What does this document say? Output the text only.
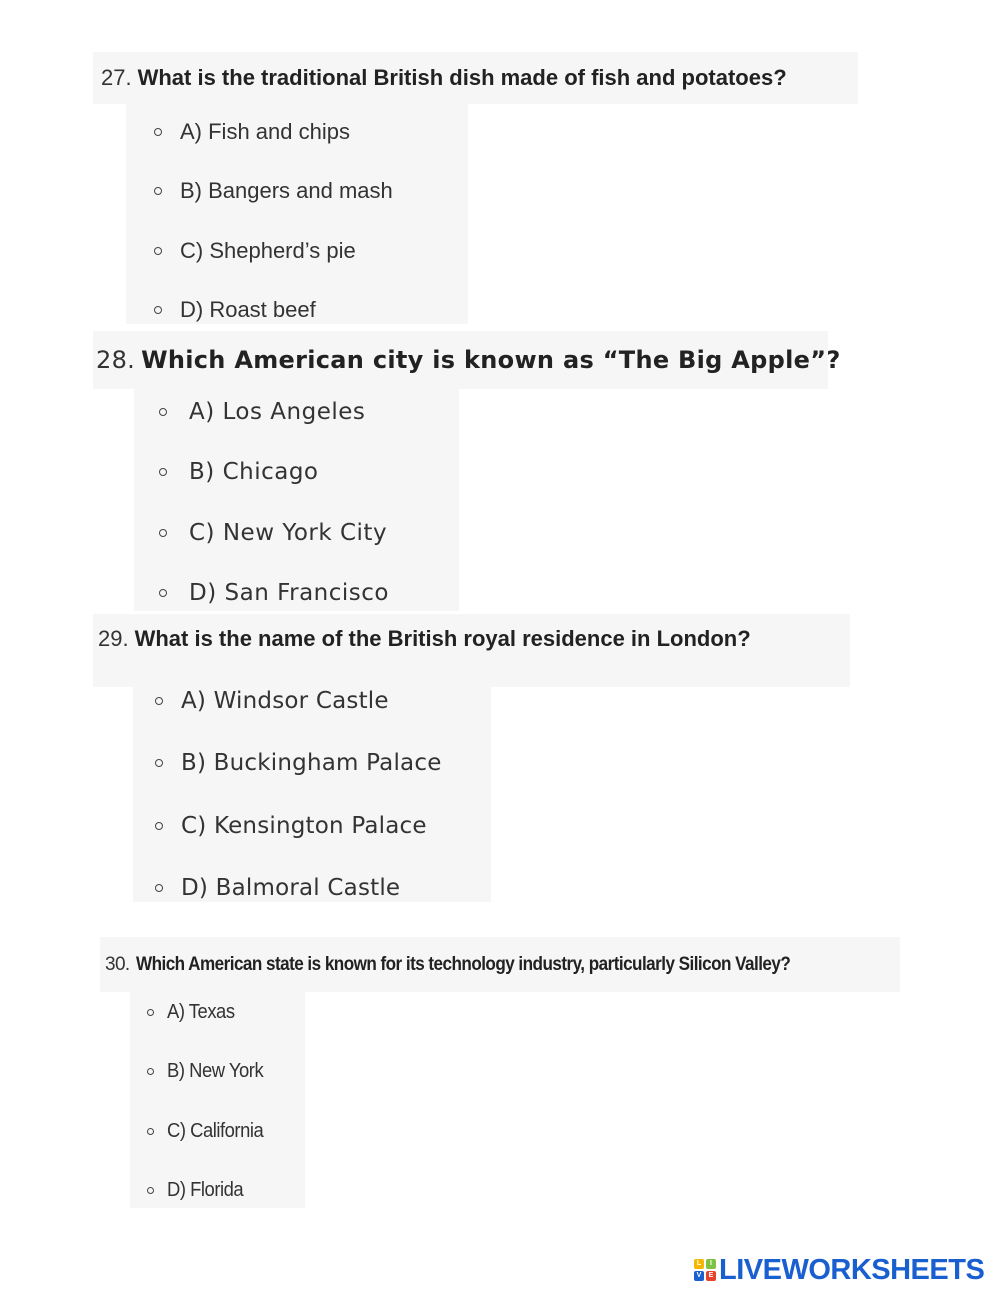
27. What is the traditional British dish made of fish and potatoes?
A) Fish and chips
B) Bangers and mash
C) Shepherd’s pie
D) Roast beef
28. Which American city is known as “The Big Apple”?
A) Los Angeles
B) Chicago
C) New York City
D) San Francisco
29. What is the name of the British royal residence in London?
A) Windsor Castle
B) Buckingham Palace
C) Kensington Palace
D) Balmoral Castle
30. Which American state is known for its technology industry, particularly Silicon Valley?
A) Texas
B) New York
C) California
D) Florida
L	I
V	E LIVEWORKSHEETS
